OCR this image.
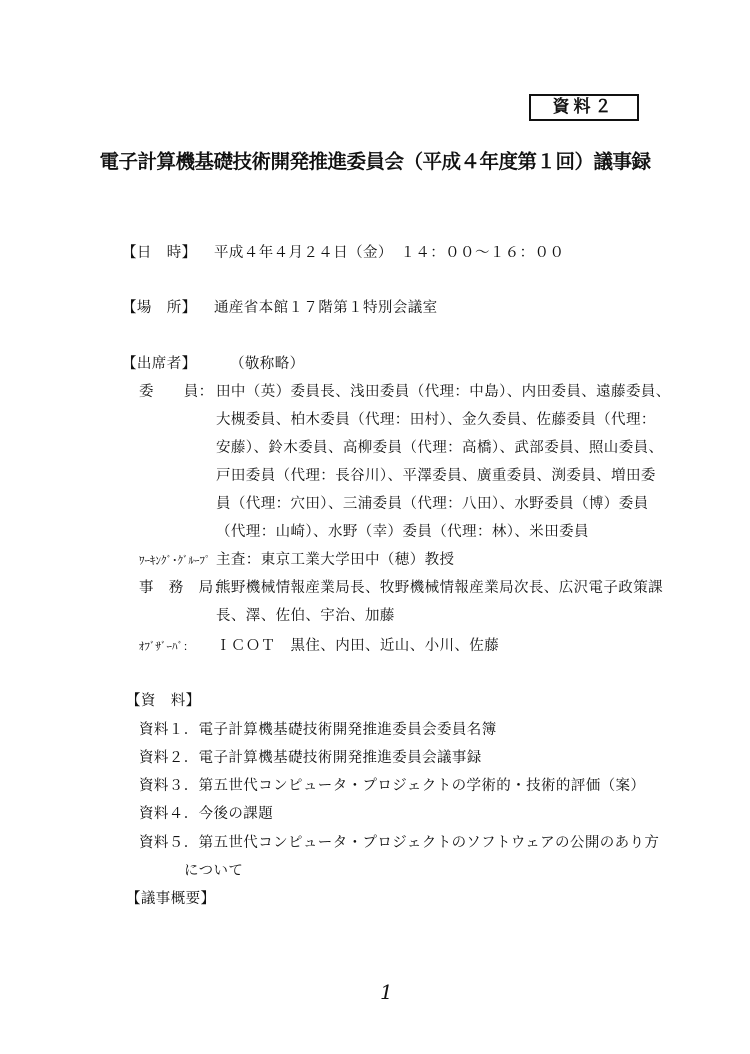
資料２
電子計算機基礎技術開発推進委員会（平成４年度第１回）議事録
【日　時】 平成４年４月２４日（金）　１４：００〜１６：００
【場　所】 通産省本館１７階第１特別会議室
【出席者】 （敬称略）
委　　員： 田中（英）委員長、浅田委員（代理：中島）、内田委員、遠藤委員、
大槻委員、柏木委員（代理：田村）、金久委員、佐藤委員（代理：
安藤）、鈴木委員、高柳委員（代理：高橋）、武部委員、照山委員、
戸田委員（代理：長谷川）、平澤委員、廣重委員、渕委員、増田委
員（代理：穴田）、三浦委員（代理：八田）、水野委員（博）委員
（代理：山崎）、水野（幸）委員（代理：林）、米田委員
ﾜｰｷﾝｸﾞ･ｸﾞﾙｰﾌﾟ 主査：東京工業大学田中（穂）教授
事　務　局：
熊野機械情報産業局長、牧野機械情報産業局次長、広沢電子政策課
長、澤、佐伯、宇治、加藤
ｵﾌﾞｻﾞｰﾊﾞ： ＩＣＯＴ　黒住、内田、近山、小川、佐藤
【資　料】
資料１．電子計算機基礎技術開発推進委員会委員名簿
資料２．電子計算機基礎技術開発推進委員会議事録
資料３．第五世代コンピュータ・プロジェクトの学術的・技術的評価（案）
資料４．今後の課題
資料５．第五世代コンピュータ・プロジェクトのソフトウェアの公開のあり方
について
【議事概要】
1
